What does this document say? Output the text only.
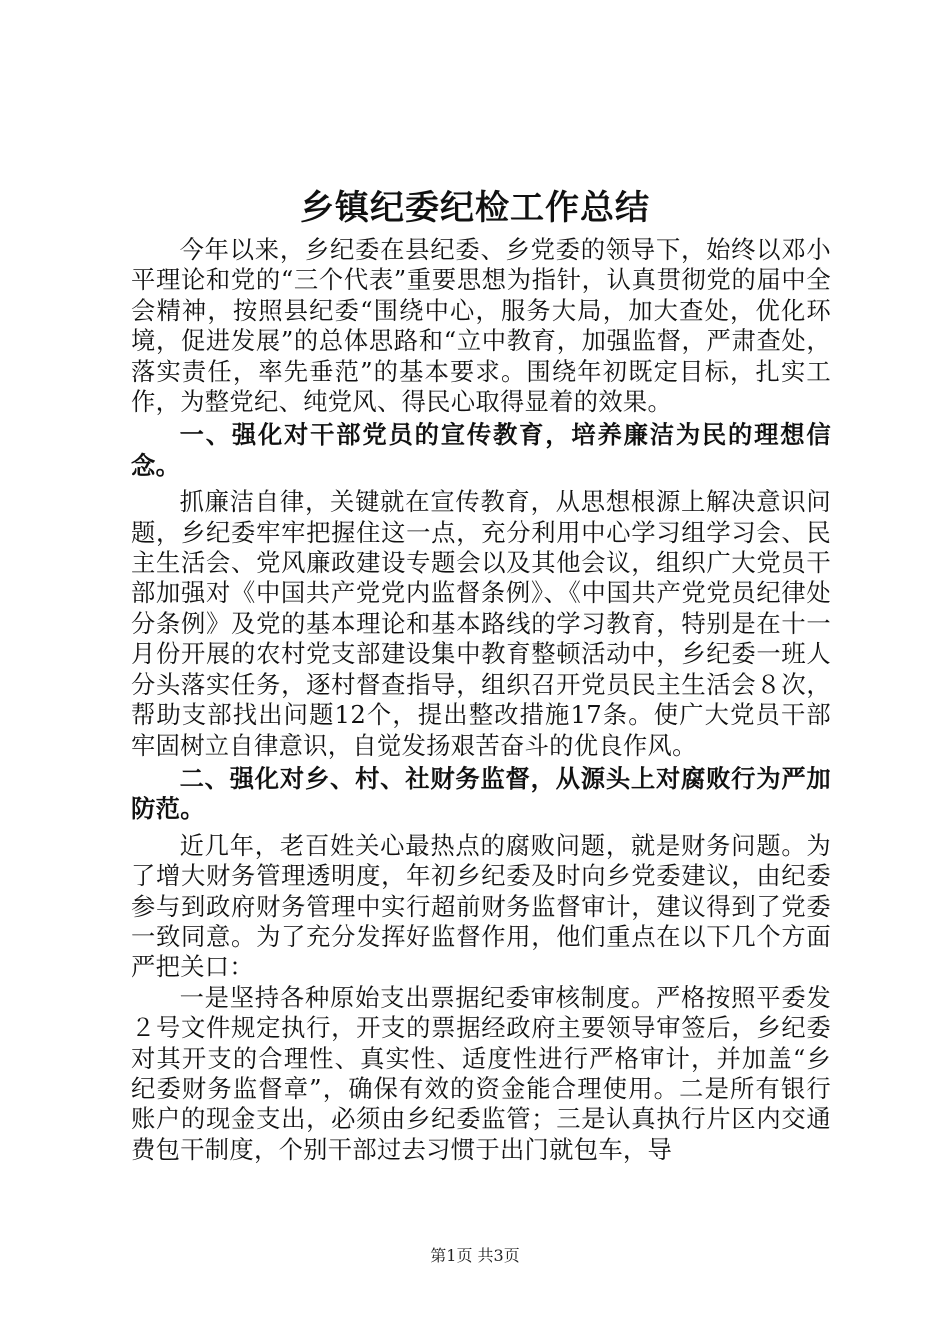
乡镇纪委纪检工作总结

今年以来，乡纪委在县纪委、乡党委的领导下，始终以邓小平理论和党的“三个代表”重要思想为指针，认真贯彻党的届中全会精神，按照县纪委“围绕中心，服务大局，加大查处，优化环境，促进发展”的总体思路和“立中教育，加强监督，严肃查处，落实责任，率先垂范”的基本要求。围绕年初既定目标，扎实工作，为整党纪、纯党风、得民心取得显着的效果。

一、强化对干部党员的宣传教育，培养廉洁为民的理想信念。

抓廉洁自律，关键就在宣传教育，从思想根源上解决意识问题，乡纪委牢牢把握住这一点，充分利用中心学习组学习会、民主生活会、党风廉政建设专题会以及其他会议，组织广大党员干部加强对《中国共产党党内监督条例》、《中国共产党党员纪律处分条例》及党的基本理论和基本路线的学习教育，特别是在十一月份开展的农村党支部建设集中教育整顿活动中，乡纪委一班人分头落实任务，逐村督查指导，组织召开党员民主生活会８次，帮助支部找出问题12个，提出整改措施17条。使广大党员干部牢固树立自律意识，自觉发扬艰苦奋斗的优良作风。

二、强化对乡、村、社财务监督，从源头上对腐败行为严加防范。

近几年，老百姓关心最热点的腐败问题，就是财务问题。为了增大财务管理透明度，年初乡纪委及时向乡党委建议，由纪委参与到政府财务管理中实行超前财务监督审计，建议得到了党委一致同意。为了充分发挥好监督作用，他们重点在以下几个方面严把关口：

一是坚持各种原始支出票据纪委审核制度。严格按照平委发２号文件规定执行，开支的票据经政府主要领导审签后，乡纪委对其开支的合理性、真实性、适度性进行严格审计，并加盖“乡纪委财务监督章”，确保有效的资金能合理使用。二是所有银行账户的现金支出，必须由乡纪委监管；三是认真执行片区内交通费包干制度，个别干部过去习惯于出门就包车，导

第1页 共3页
